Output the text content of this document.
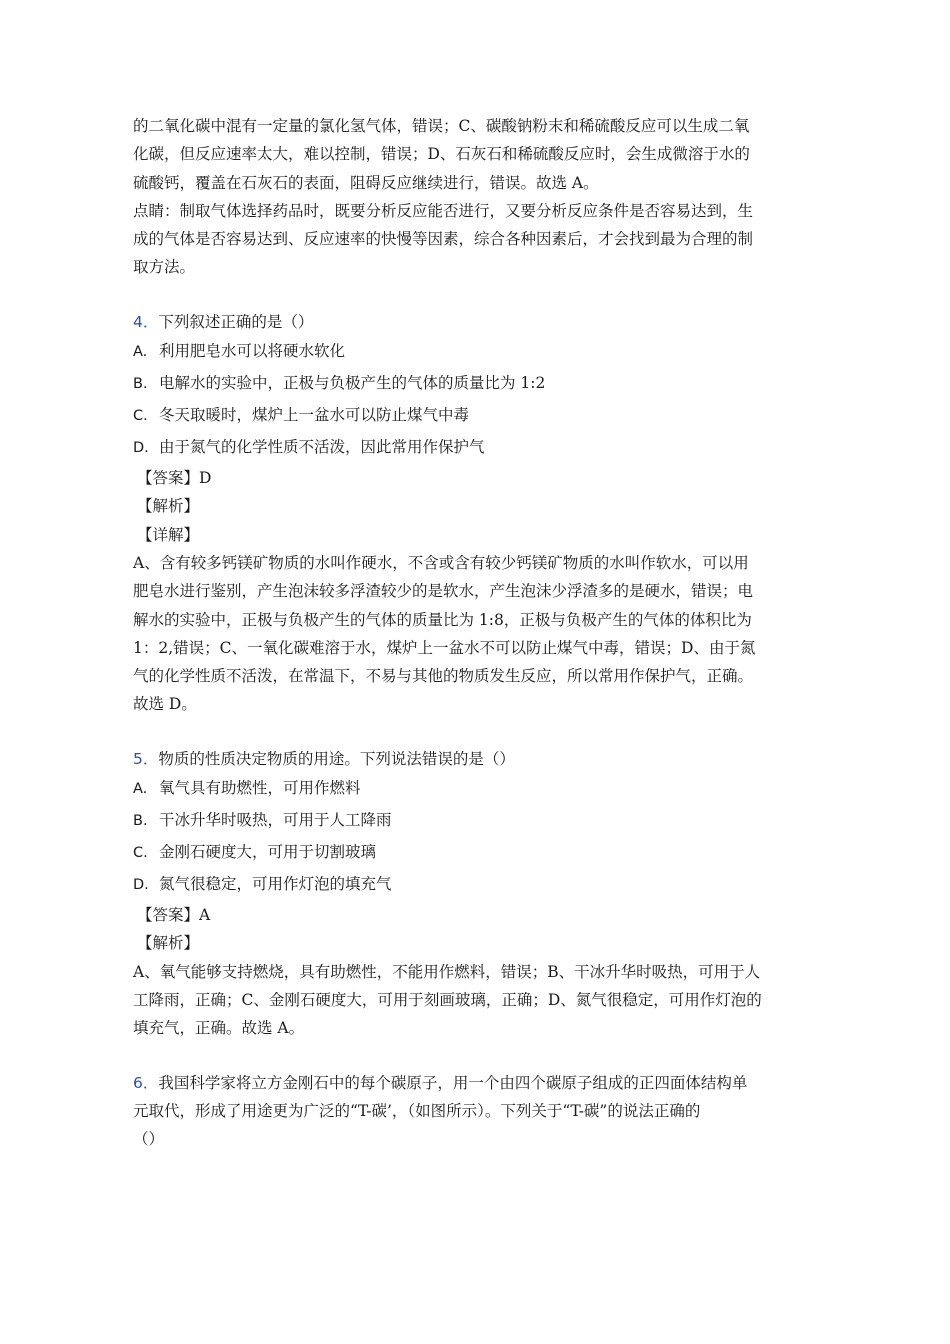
的二氧化碳中混有一定量的氯化氢气体，错误；C、碳酸钠粉末和稀硫酸反应可以生成二氧

化碳，但反应速率太大，难以控制，错误；D、石灰石和稀硫酸反应时，会生成微溶于水的

硫酸钙，覆盖在石灰石的表面，阻碍反应继续进行，错误。故选 A。

点睛：制取气体选择药品时，既要分析反应能否进行，又要分析反应条件是否容易达到，生

成的气体是否容易达到、反应速率的快慢等因素，综合各种因素后，才会找到最为合理的制

取方法。

4．下列叙述正确的是（）

A. 利用肥皂水可以将硬水软化

B. 电解水的实验中，正极与负极产生的气体的质量比为 1:2

C. 冬天取暖时，煤炉上一盆水可以防止煤气中毒

D. 由于氮气的化学性质不活泼，因此常用作保护气

【答案】D

【解析】

【详解】

A、含有较多钙镁矿物质的水叫作硬水，不含或含有较少钙镁矿物质的水叫作软水，可以用

肥皂水进行鉴别，产生泡沫较多浮渣较少的是软水，产生泡沫少浮渣多的是硬水，错误；电

解水的实验中，正极与负极产生的气体的质量比为 1:8，正极与负极产生的气体的体积比为

1：2,错误；C、一氧化碳难溶于水，煤炉上一盆水不可以防止煤气中毒，错误；D、由于氮

气的化学性质不活泼，在常温下，不易与其他的物质发生反应，所以常用作保护气，正确。

故选 D。

5．物质的性质决定物质的用途。下列说法错误的是（）

A. 氧气具有助燃性，可用作燃料

B. 干冰升华时吸热，可用于人工降雨

C. 金刚石硬度大，可用于切割玻璃

D. 氮气很稳定，可用作灯泡的填充气

【答案】A

【解析】

A、氧气能够支持燃烧，具有助燃性，不能用作燃料，错误；B、干冰升华时吸热，可用于人

工降雨，正确；C、金刚石硬度大，可用于刻画玻璃，正确；D、氮气很稳定，可用作灯泡的

填充气，正确。故选 A。

6．我国科学家将立方金刚石中的每个碳原子，用一个由四个碳原子组成的正四面体结构单

元取代，形成了用途更为广泛的“T-碳’，（如图所示）。下列关于“T-碳”的说法正确的

（）
